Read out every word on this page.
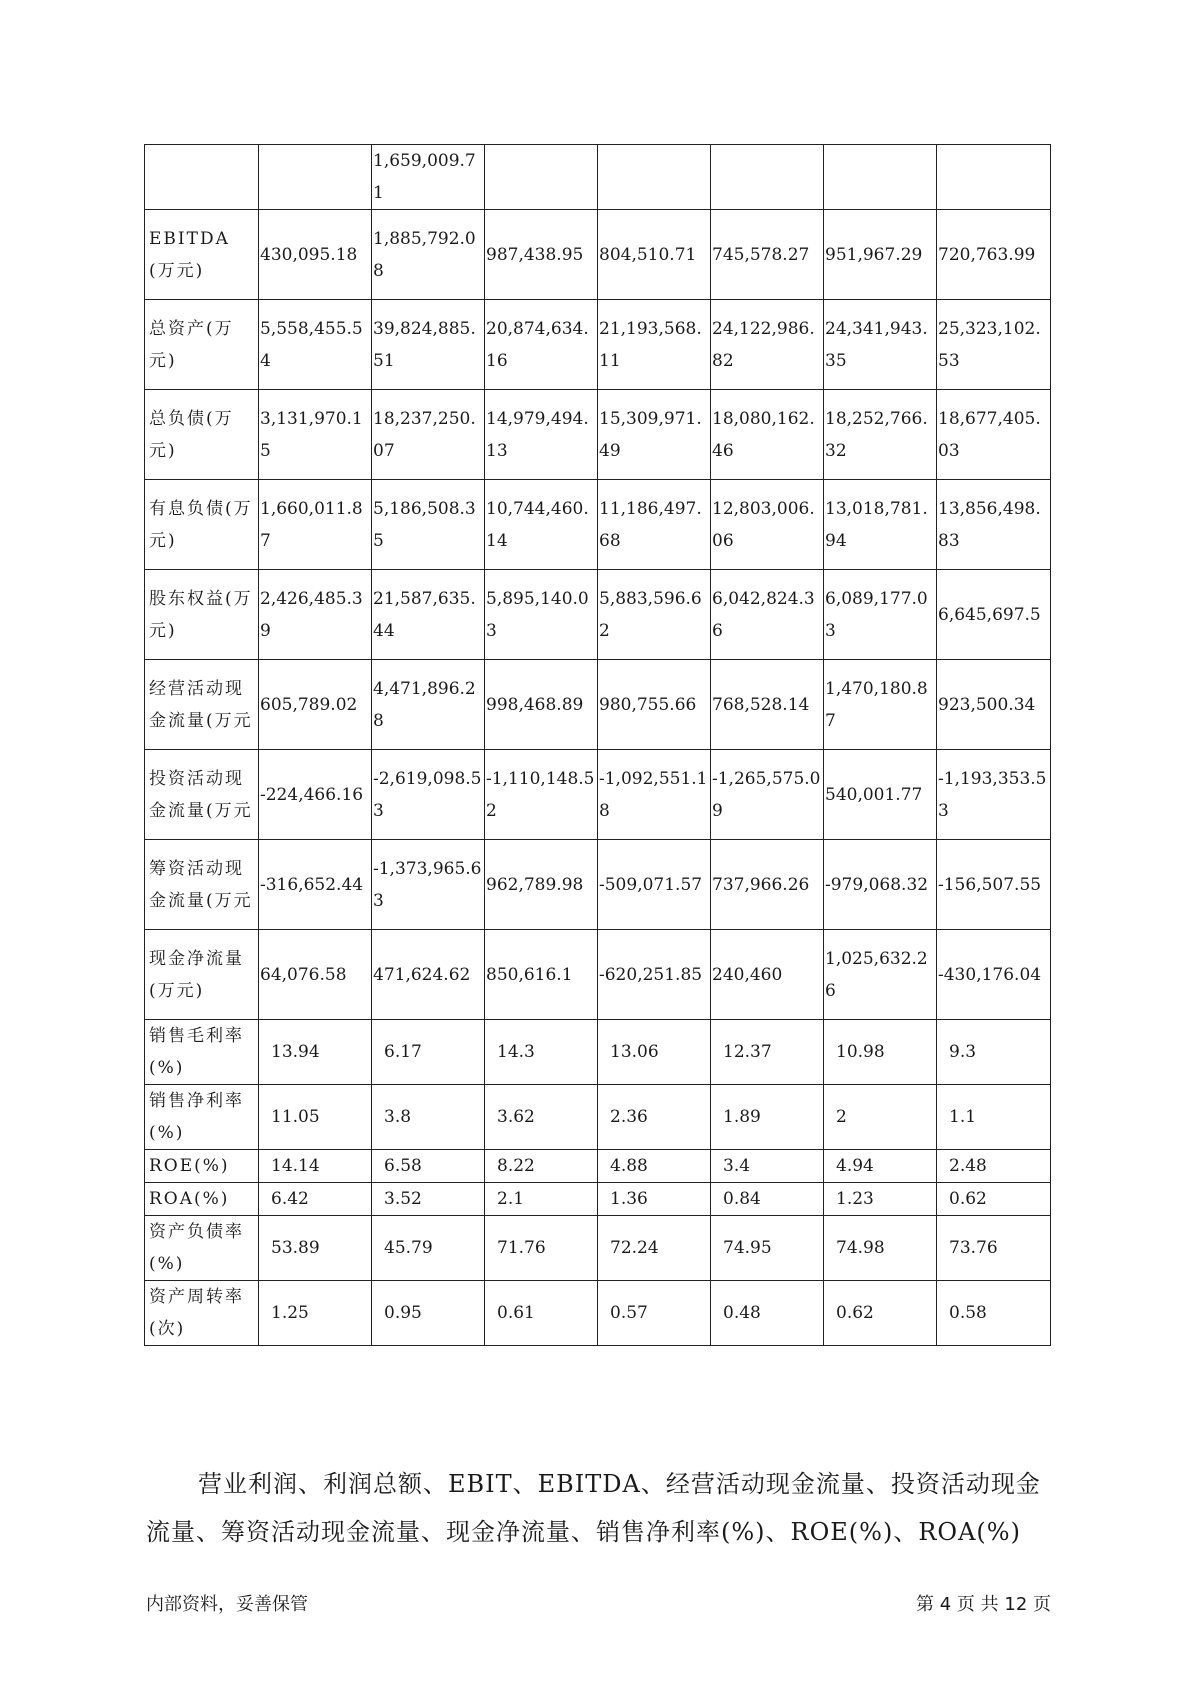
		1,659,009.71					
EBITDA(万元)	430,095.18	1,885,792.08	987,438.95	804,510.71	745,578.27	951,967.29	720,763.99
总资产(万元)	5,558,455.54	39,824,885.51	20,874,634.16	21,193,568.11	24,122,986.82	24,341,943.35	25,323,102.53
总负债(万元)	3,131,970.15	18,237,250.07	14,979,494.13	15,309,971.49	18,080,162.46	18,252,766.32	18,677,405.03
有息负债(万元)	1,660,011.87	5,186,508.35	10,744,460.14	11,186,497.68	12,803,006.06	13,018,781.94	13,856,498.83
股东权益(万元)	2,426,485.39	21,587,635.44	5,895,140.03	5,883,596.62	6,042,824.36	6,089,177.03	6,645,697.5
经营活动现金流量(万元	605,789.02	4,471,896.28	998,468.89	980,755.66	768,528.14	1,470,180.87	923,500.34
投资活动现金流量(万元	-224,466.16	-2,619,098.53	-1,110,148.52	-1,092,551.18	-1,265,575.09	540,001.77	-1,193,353.53
筹资活动现金流量(万元	-316,652.44	-1,373,965.63	962,789.98	-509,071.57	737,966.26	-979,068.32	-156,507.55
现金净流量(万元)	64,076.58	471,624.62	850,616.1	-620,251.85	240,460	1,025,632.26	-430,176.04
销售毛利率(%)	13.94	6.17	14.3	13.06	12.37	10.98	9.3
销售净利率(%)	11.05	3.8	3.62	2.36	1.89	2	1.1
ROE(%)	14.14	6.58	8.22	4.88	3.4	4.94	2.48
ROA(%)	6.42	3.52	2.1	1.36	0.84	1.23	0.62
资产负债率(%)	53.89	45.79	71.76	72.24	74.95	74.98	73.76
资产周转率(次)	1.25	0.95	0.61	0.57	0.48	0.62	0.58

营业利润、利润总额、EBIT、EBITDA、经营活动现金流量、投资活动现金流量、筹资活动现金流量、现金净流量、销售净利率(%)、ROE(%)、ROA(%)

内部资料，妥善保管	第 4 页 共 12 页
